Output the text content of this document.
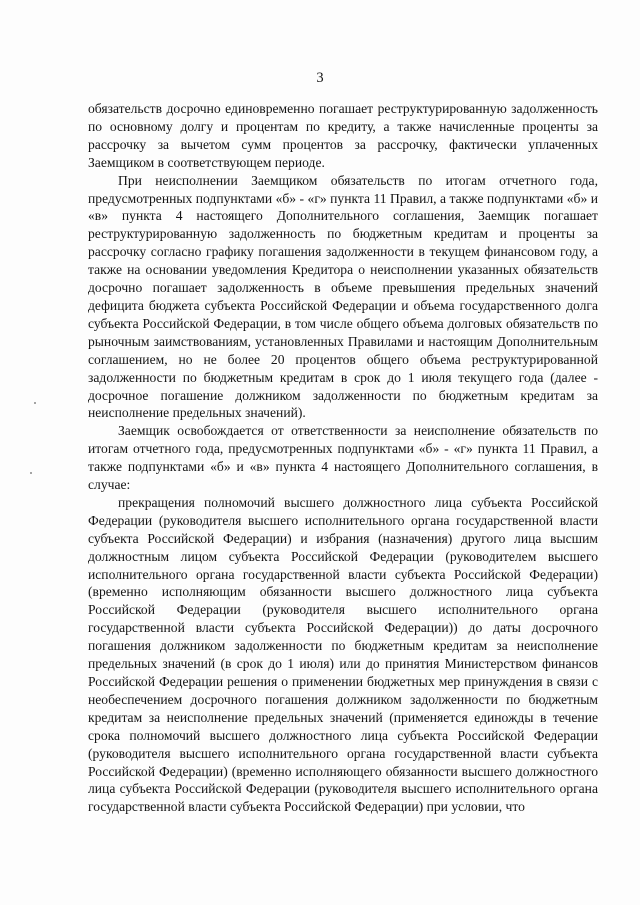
3

обязательств досрочно единовременно погашает реструктурированную задолженность по основному долгу и процентам по кредиту, а также начисленные проценты за рассрочку за вычетом сумм процентов за рассрочку, фактически уплаченных Заемщиком в соответствующем периоде.

При неисполнении Заемщиком обязательств по итогам отчетного года, предусмотренных подпунктами «б» - «г» пункта 11 Правил, а также подпунктами «б» и «в» пункта 4 настоящего Дополнительного соглашения, Заемщик погашает реструктурированную задолженность по бюджетным кредитам и проценты за рассрочку согласно графику погашения задолженности в текущем финансовом году, а также на основании уведомления Кредитора о неисполнении указанных обязательств досрочно погашает задолженность в объеме превышения предельных значений дефицита бюджета субъекта Российской Федерации и объема государственного долга субъекта Российской Федерации, в том числе общего объема долговых обязательств по рыночным заимствованиям, установленных Правилами и настоящим Дополнительным соглашением, но не более 20 процентов общего объема реструктурированной задолженности по бюджетным кредитам в срок до 1 июля текущего года (далее - досрочное погашение должником задолженности по бюджетным кредитам за неисполнение предельных значений).

Заемщик освобождается от ответственности за неисполнение обязательств по итогам отчетного года, предусмотренных подпунктами «б» - «г» пункта 11 Правил, а также подпунктами «б» и «в» пункта 4 настоящего Дополнительного соглашения, в случае:

прекращения полномочий высшего должностного лица субъекта Российской Федерации (руководителя высшего исполнительного органа государственной власти субъекта Российской Федерации) и избрания (назначения) другого лица высшим должностным лицом субъекта Российской Федерации (руководителем высшего исполнительного органа государственной власти субъекта Российской Федерации) (временно исполняющим обязанности высшего должностного лица субъекта Российской Федерации (руководителя высшего исполнительного органа государственной власти субъекта Российской Федерации)) до даты досрочного погашения должником задолженности по бюджетным кредитам за неисполнение предельных значений (в срок до 1 июля) или до принятия Министерством финансов Российской Федерации решения о применении бюджетных мер принуждения в связи с необеспечением досрочного погашения должником задолженности по бюджетным кредитам за неисполнение предельных значений (применяется единожды в течение срока полномочий высшего должностного лица субъекта Российской Федерации (руководителя высшего исполнительного органа государственной власти субъекта Российской Федерации) (временно исполняющего обязанности высшего должностного лица субъекта Российской Федерации (руководителя высшего исполнительного органа государственной власти субъекта Российской Федерации) при условии, что
